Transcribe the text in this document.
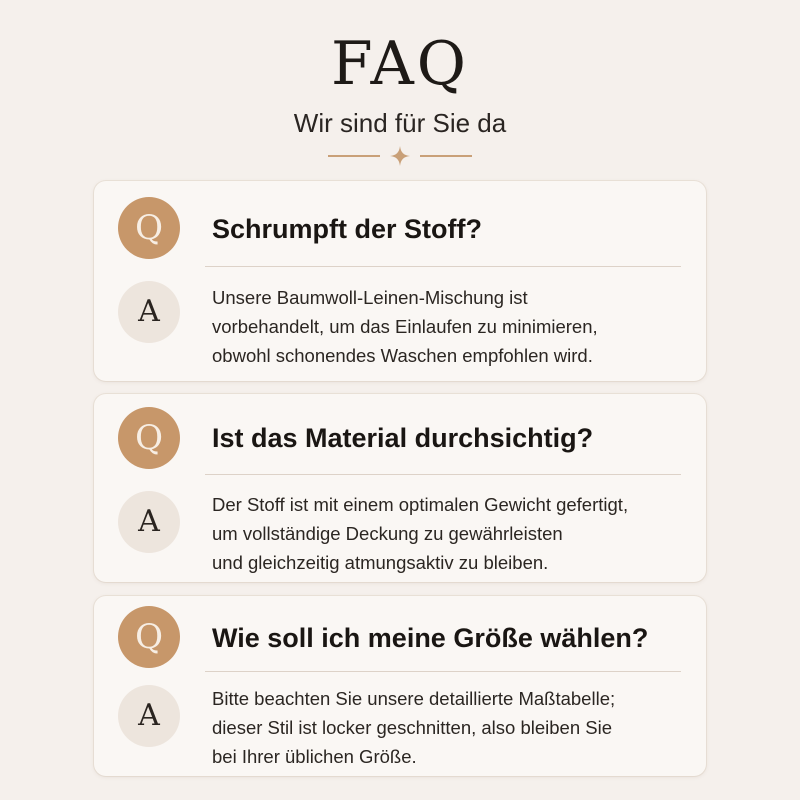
FAQ
Wir sind für Sie da
Q	Schrumpft der Stoff?
A	Unsere Baumwoll-Leinen-Mischung ist
vorbehandelt, um das Einlaufen zu minimieren,
obwohl schonendes Waschen empfohlen wird.
Q	Ist das Material durchsichtig?
A	Der Stoff ist mit einem optimalen Gewicht gefertigt,
um vollständige Deckung zu gewährleisten
und gleichzeitig atmungsaktiv zu bleiben.
Q	Wie soll ich meine Größe wählen?
A	Bitte beachten Sie unsere detaillierte Maßtabelle;
dieser Stil ist locker geschnitten, also bleiben Sie
bei Ihrer üblichen Größe.
